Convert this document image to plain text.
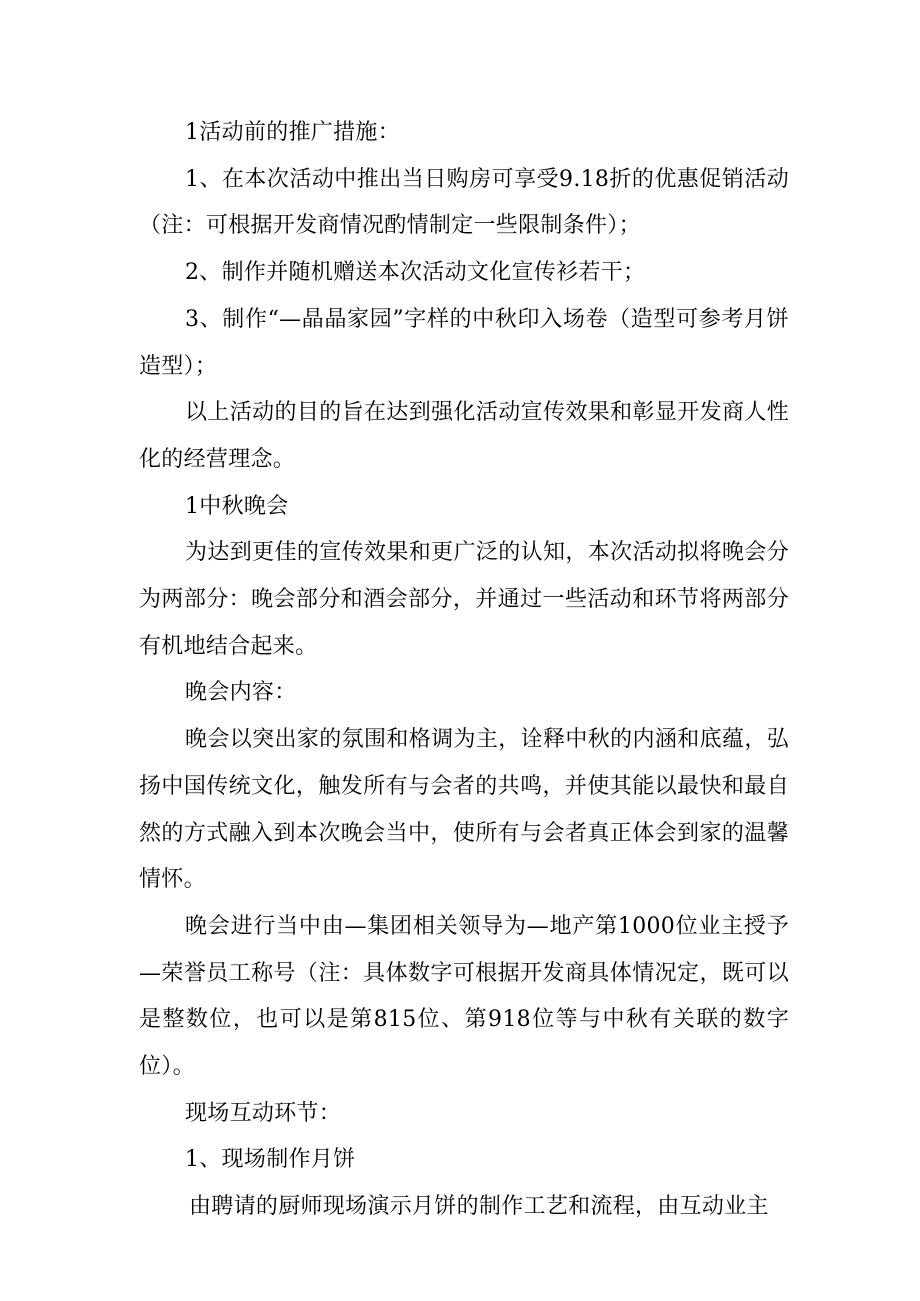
1活动前的推广措施：

1、在本次活动中推出当日购房可享受9.18折的优惠促销活动（注：可根据开发商情况酌情制定一些限制条件）；

2、制作并随机赠送本次活动文化宣传衫若干；

3、制作“—晶晶家园”字样的中秋印入场卷（造型可参考月饼造型）；

以上活动的目的旨在达到强化活动宣传效果和彰显开发商人性化的经营理念。

1中秋晚会

为达到更佳的宣传效果和更广泛的认知，本次活动拟将晚会分为两部分：晚会部分和酒会部分，并通过一些活动和环节将两部分有机地结合起来。

晚会内容：

晚会以突出家的氛围和格调为主，诠释中秋的内涵和底蕴，弘扬中国传统文化，触发所有与会者的共鸣，并使其能以最快和最自然的方式融入到本次晚会当中，使所有与会者真正体会到家的温馨情怀。

晚会进行当中由—集团相关领导为—地产第1000位业主授予—荣誉员工称号（注：具体数字可根据开发商具体情况定，既可以是整数位，也可以是第815位、第918位等与中秋有关联的数字位）。

现场互动环节：

1、现场制作月饼

由聘请的厨师现场演示月饼的制作工艺和流程，由互动业主
